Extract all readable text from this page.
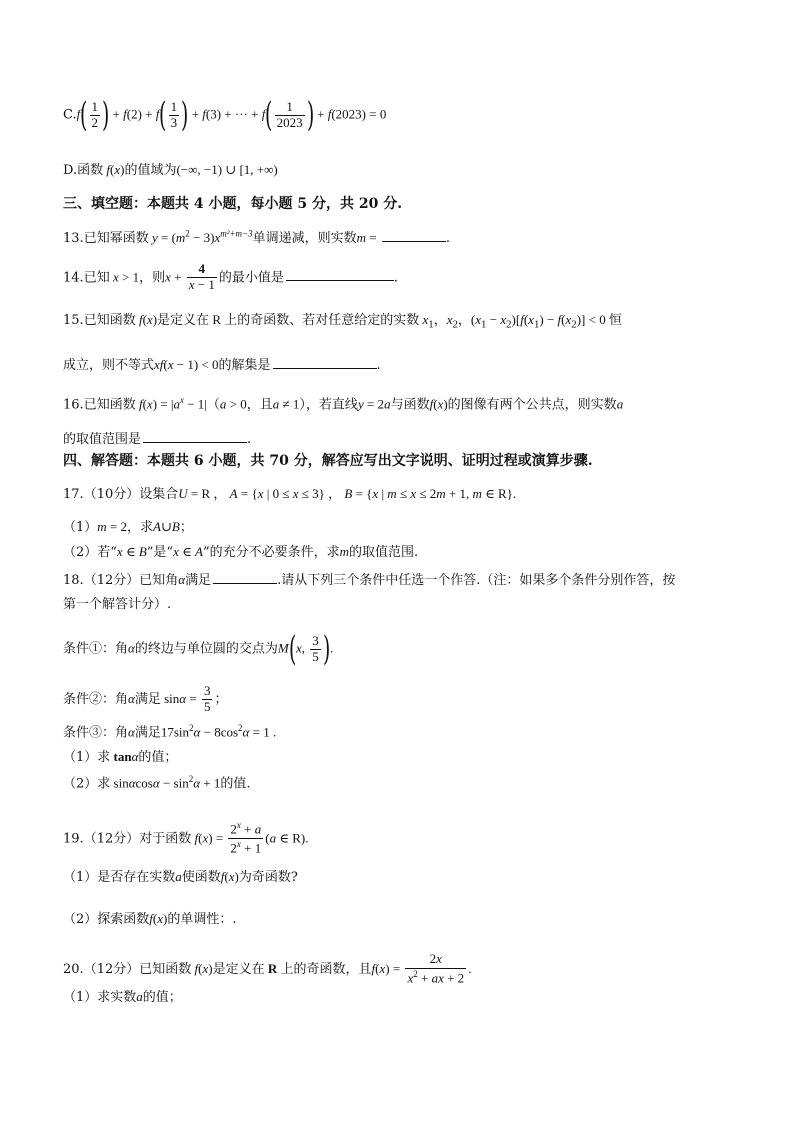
$C.f( \frac{1}{2}$ ) + $f(2) + f( \frac{1}{3}$ ) + f(3) + ··· + $f( \frac{1}{2023}$ ) + f(2023) = 0
D.函数 f(x)的值域为(−∞, −1) ∪ [1, +∞)
三、填空题：本题共 4 小题，每小题 5 分，共 20 分.
13.已知幂函数 $y = (m^2 - 3)x^{m^2+m-3}$单调递减，则实数m =	.
14.已知 x > 1，则$x + \frac{4}{x - 1}$ 的最小值是	.
15.已知函数 f(x)是定义在 R 上的奇函数、若对任意给定的实数 $x_1$，$x_2$，$(x_1 - x_2)[f(x_1) - f(x_2)] < 0$ 恒
成立，则不等式xf(x − 1) < 0的解集是	.
16.已知函数 $f(x) = |a^x - 1|(a > 0$，且a ≠ 1），若直线y = 2a与函数f(x)的图像有两个公共点，则实数a
的取值范围是	.
四、解答题：本题共 6 小题，共 70 分，解答应写出文字说明、证明过程或演算步骤.
17.（10分）设集合U = R ， A = {x | 0 ≤ x ≤ 3} ， B = {x | m ≤ x ≤ 2m + 1, m ∈ R}.
（1）m = 2，求A∪B；
（2）若“x ∈ B”是“x ∈ A”的充分不必要条件，求m的取值范围.
18.（12分）已知角α满足	.请从下列三个条件中任选一个作答.（注：如果多个条件分别作答，按
第一个解答计分）.
条件①：角α的终边与单位圆的交点为M(x, $\frac{3}{5}$ ).
条件②：角α满足 $\sin\alpha = \frac{3}{5}$ ；
条件③：角α满足$17\sin^2\alpha - 8\cos^2\alpha = 1$ .
（1）求 tanα的值；
（2）求 $\sin\alpha\cos\alpha - \sin^2\alpha + 1$的值.
19.（12分）对于函数 $f(x) = \frac{2^x + a}{2^x + 1} (a$ ∈ R).
（1）是否存在实数a使函数f(x)为奇函数?
（2）探索函数f(x)的单调性：.
20.（12分）已知函数 f(x)是定义在 R 上的奇函数，且$f(x) = \frac{2x}{x^2 + ax + 2}$ .
（1）求实数a的值；
